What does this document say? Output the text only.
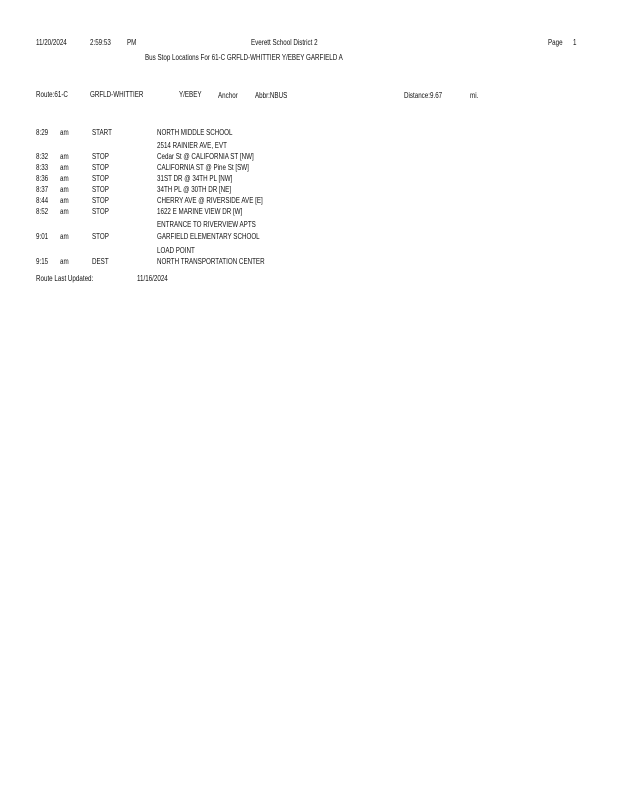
11/20/2024	2:59:53 PM	Everett School District 2	Page 1
Bus Stop Locations For 61-C GRFLD-WHITTIER Y/EBEY GARFIELD A
Route:61-C	GRFLD-WHITTIER	Y/EBEY Anchor Abbr:NBUS	Distance:9.67	mi.
8:29 am	START	NORTH MIDDLE SCHOOL
2514 RAINIER AVE, EVT
8:32 am	STOP	Cedar St @ CALIFORNIA ST [NW]
8:33 am	STOP	CALIFORNIA ST @ Pine St [SW]
8:36 am	STOP	31ST DR @ 34TH PL [NW]
8:37 am	STOP	34TH PL @ 30TH DR [NE]
8:44 am	STOP	CHERRY AVE @ RIVERSIDE AVE [E]
8:52 am	STOP	1622 E MARINE VIEW DR [W]
ENTRANCE TO RIVERVIEW APTS
9:01 am	STOP	GARFIELD ELEMENTARY SCHOOL
LOAD POINT
9:15 am	DEST	NORTH TRANSPORTATION CENTER
Route Last Updated:	11/16/2024
